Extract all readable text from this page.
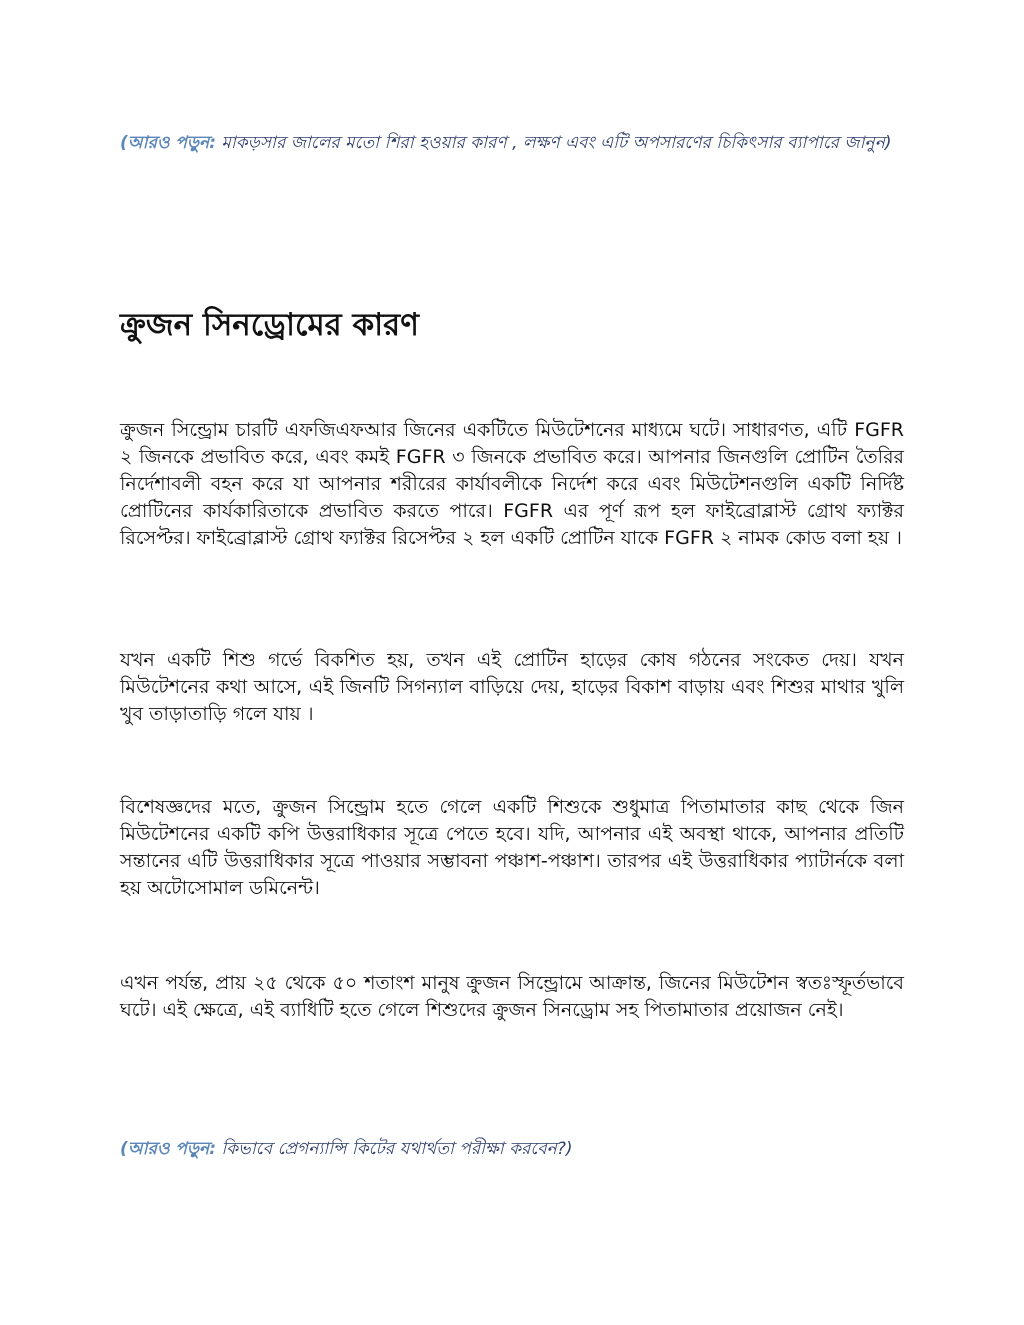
(আরও পড়ুন: মাকড়সার জালের মতো শিরা হওয়ার কারণ , লক্ষণ এবং এটি অপসারণের চিকিৎসার ব্যাপারে জানুন)
ক্রুজন সিনড্রোমের কারণ

ক্রুজন সিন্ড্রোম চারটি এফজিএফআর জিনের একটিতে মিউটেশনের মাধ্যমে ঘটে। সাধারণত, এটি FGFR ২ জিনকে প্রভাবিত করে, এবং কমই FGFR ৩ জিনকে প্রভাবিত করে। আপনার জিনগুলি প্রোটিন তৈরির নির্দেশাবলী বহন করে যা আপনার শরীরের কার্যাবলীকে নির্দেশ করে এবং মিউটেশনগুলি একটি নির্দিষ্ট প্রোটিনের কার্যকারিতাকে প্রভাবিত করতে পারে। FGFR এর পূর্ণ রূপ হল ফাইব্রোব্লাস্ট গ্রোথ ফ্যাক্টর রিসেপ্টর। ফাইব্রোব্লাস্ট গ্রোথ ফ্যাক্টর রিসেপ্টর ২ হল একটি প্রোটিন যাকে FGFR ২ নামক কোড বলা হয় ।

যখন একটি শিশু গর্ভে বিকশিত হয়, তখন এই প্রোটিন হাড়ের কোষ গঠনের সংকেত দেয়। যখন মিউটেশনের কথা আসে, এই জিনটি সিগন্যাল বাড়িয়ে দেয়, হাড়ের বিকাশ বাড়ায় এবং শিশুর মাথার খুলি খুব তাড়াতাড়ি গলে যায় ।

বিশেষজ্ঞদের মতে, ক্রুজন সিন্ড্রোম হতে গেলে একটি শিশুকে শুধুমাত্র পিতামাতার কাছ থেকে জিন মিউটেশনের একটি কপি উত্তরাধিকার সূত্রে পেতে হবে। যদি, আপনার এই অবস্থা থাকে, আপনার প্রতিটি সন্তানের এটি উত্তরাধিকার সূত্রে পাওয়ার সম্ভাবনা পঞ্চাশ-পঞ্চাশ। তারপর এই উত্তরাধিকার প্যাটার্নকে বলা হয় অটোসোমাল ডমিনেন্ট।

এখন পর্যন্ত, প্রায় ২৫ থেকে ৫০ শতাংশ মানুষ ক্রুজন সিন্ড্রোমে আক্রান্ত, জিনের মিউটেশন স্বতঃস্ফূর্তভাবে ঘটে। এই ক্ষেত্রে, এই ব্যাধিটি হতে গেলে শিশুদের ক্রুজন সিনড্রোম সহ পিতামাতার প্রয়োজন নেই।

(আরও পড়ুন: কিভাবে প্রেগন্যান্সি কিটের যথার্থতা পরীক্ষা করবেন?)
